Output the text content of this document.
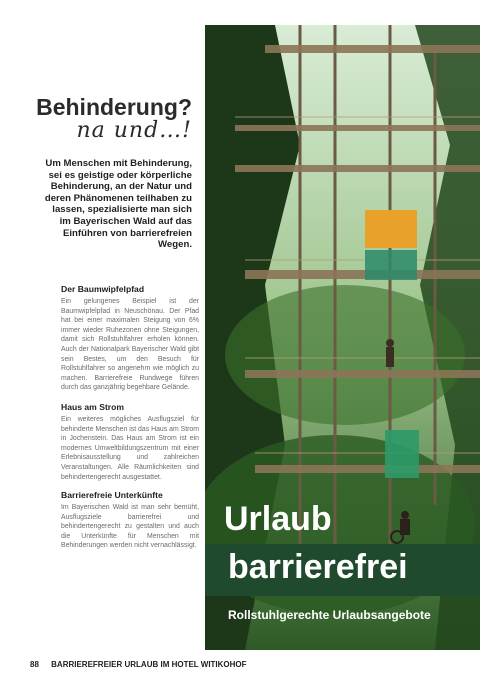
Behinderung?
na und…!
Um Menschen mit Behinderung, sei es geistige oder körperliche Behinderung, an der Natur und deren Phänomenen teilhaben zu lassen, spezialisierte man sich im Bayerischen Wald auf das Einführen von barrierefreien Wegen.
Der Baumwipfelpfad

Ein gelungenes Beispiel ist der Baumwipfelpfad in Neuschönau. Der Pfad hat bei einer maximalen Steigung von 6% immer wieder Ruhezonen ohne Steigungen, damit sich Rollstuhlfahrer erholen können. Auch der Nationalpark Bayerischer Wald gibt sein Bestes, um den Besuch für Rollstuhlfahrer so angenehm wie möglich zu machen. Barrierefreie Rundwege führen durch das ganzjährig begehbare Gelände.

Haus am Strom

Ein weiteres mögliches Ausflugsziel für behinderte Menschen ist das Haus am Strom in Jochenstein. Das Haus am Strom ist ein modernes Umweltbildungszentrum mit einer Erlebnisausstellung und zahlreichen Veranstaltungen. Alle Räumlichkeiten sind behindertengerecht ausgestattet.

Barrierefreie Unterkünfte

Im Bayerischen Wald ist man sehr bemüht, Ausflugsziele barrierefrei und behindertengerecht zu gestalten und auch die Unterkünfte für Menschen mit Behinderungen werden nicht vernachlässigt.

Urlaub
barrierefrei
Rollstuhlgerechte Urlaubsangebote
88 BARRIEREFREIER URLAUB IM HOTEL WITIKOHOF
